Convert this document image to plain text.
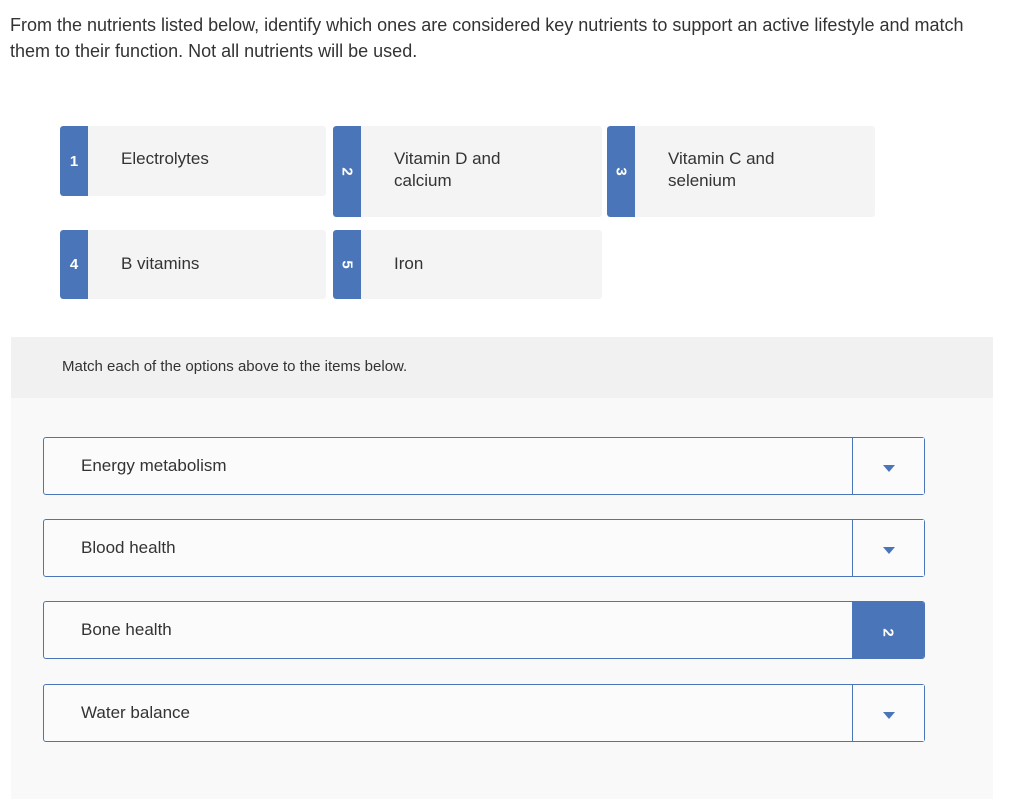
From the nutrients listed below, identify which ones are considered key nutrients to support an active lifestyle and match them to their function. Not all nutrients will be used.
1	Electrolytes
2
Vitamin D and calcium	3
Vitamin C and selenium
4	B vitamins	5	Iron
Match each of the options above to the items below.
Energy metabolism
Blood health
Bone health	2
Water balance
